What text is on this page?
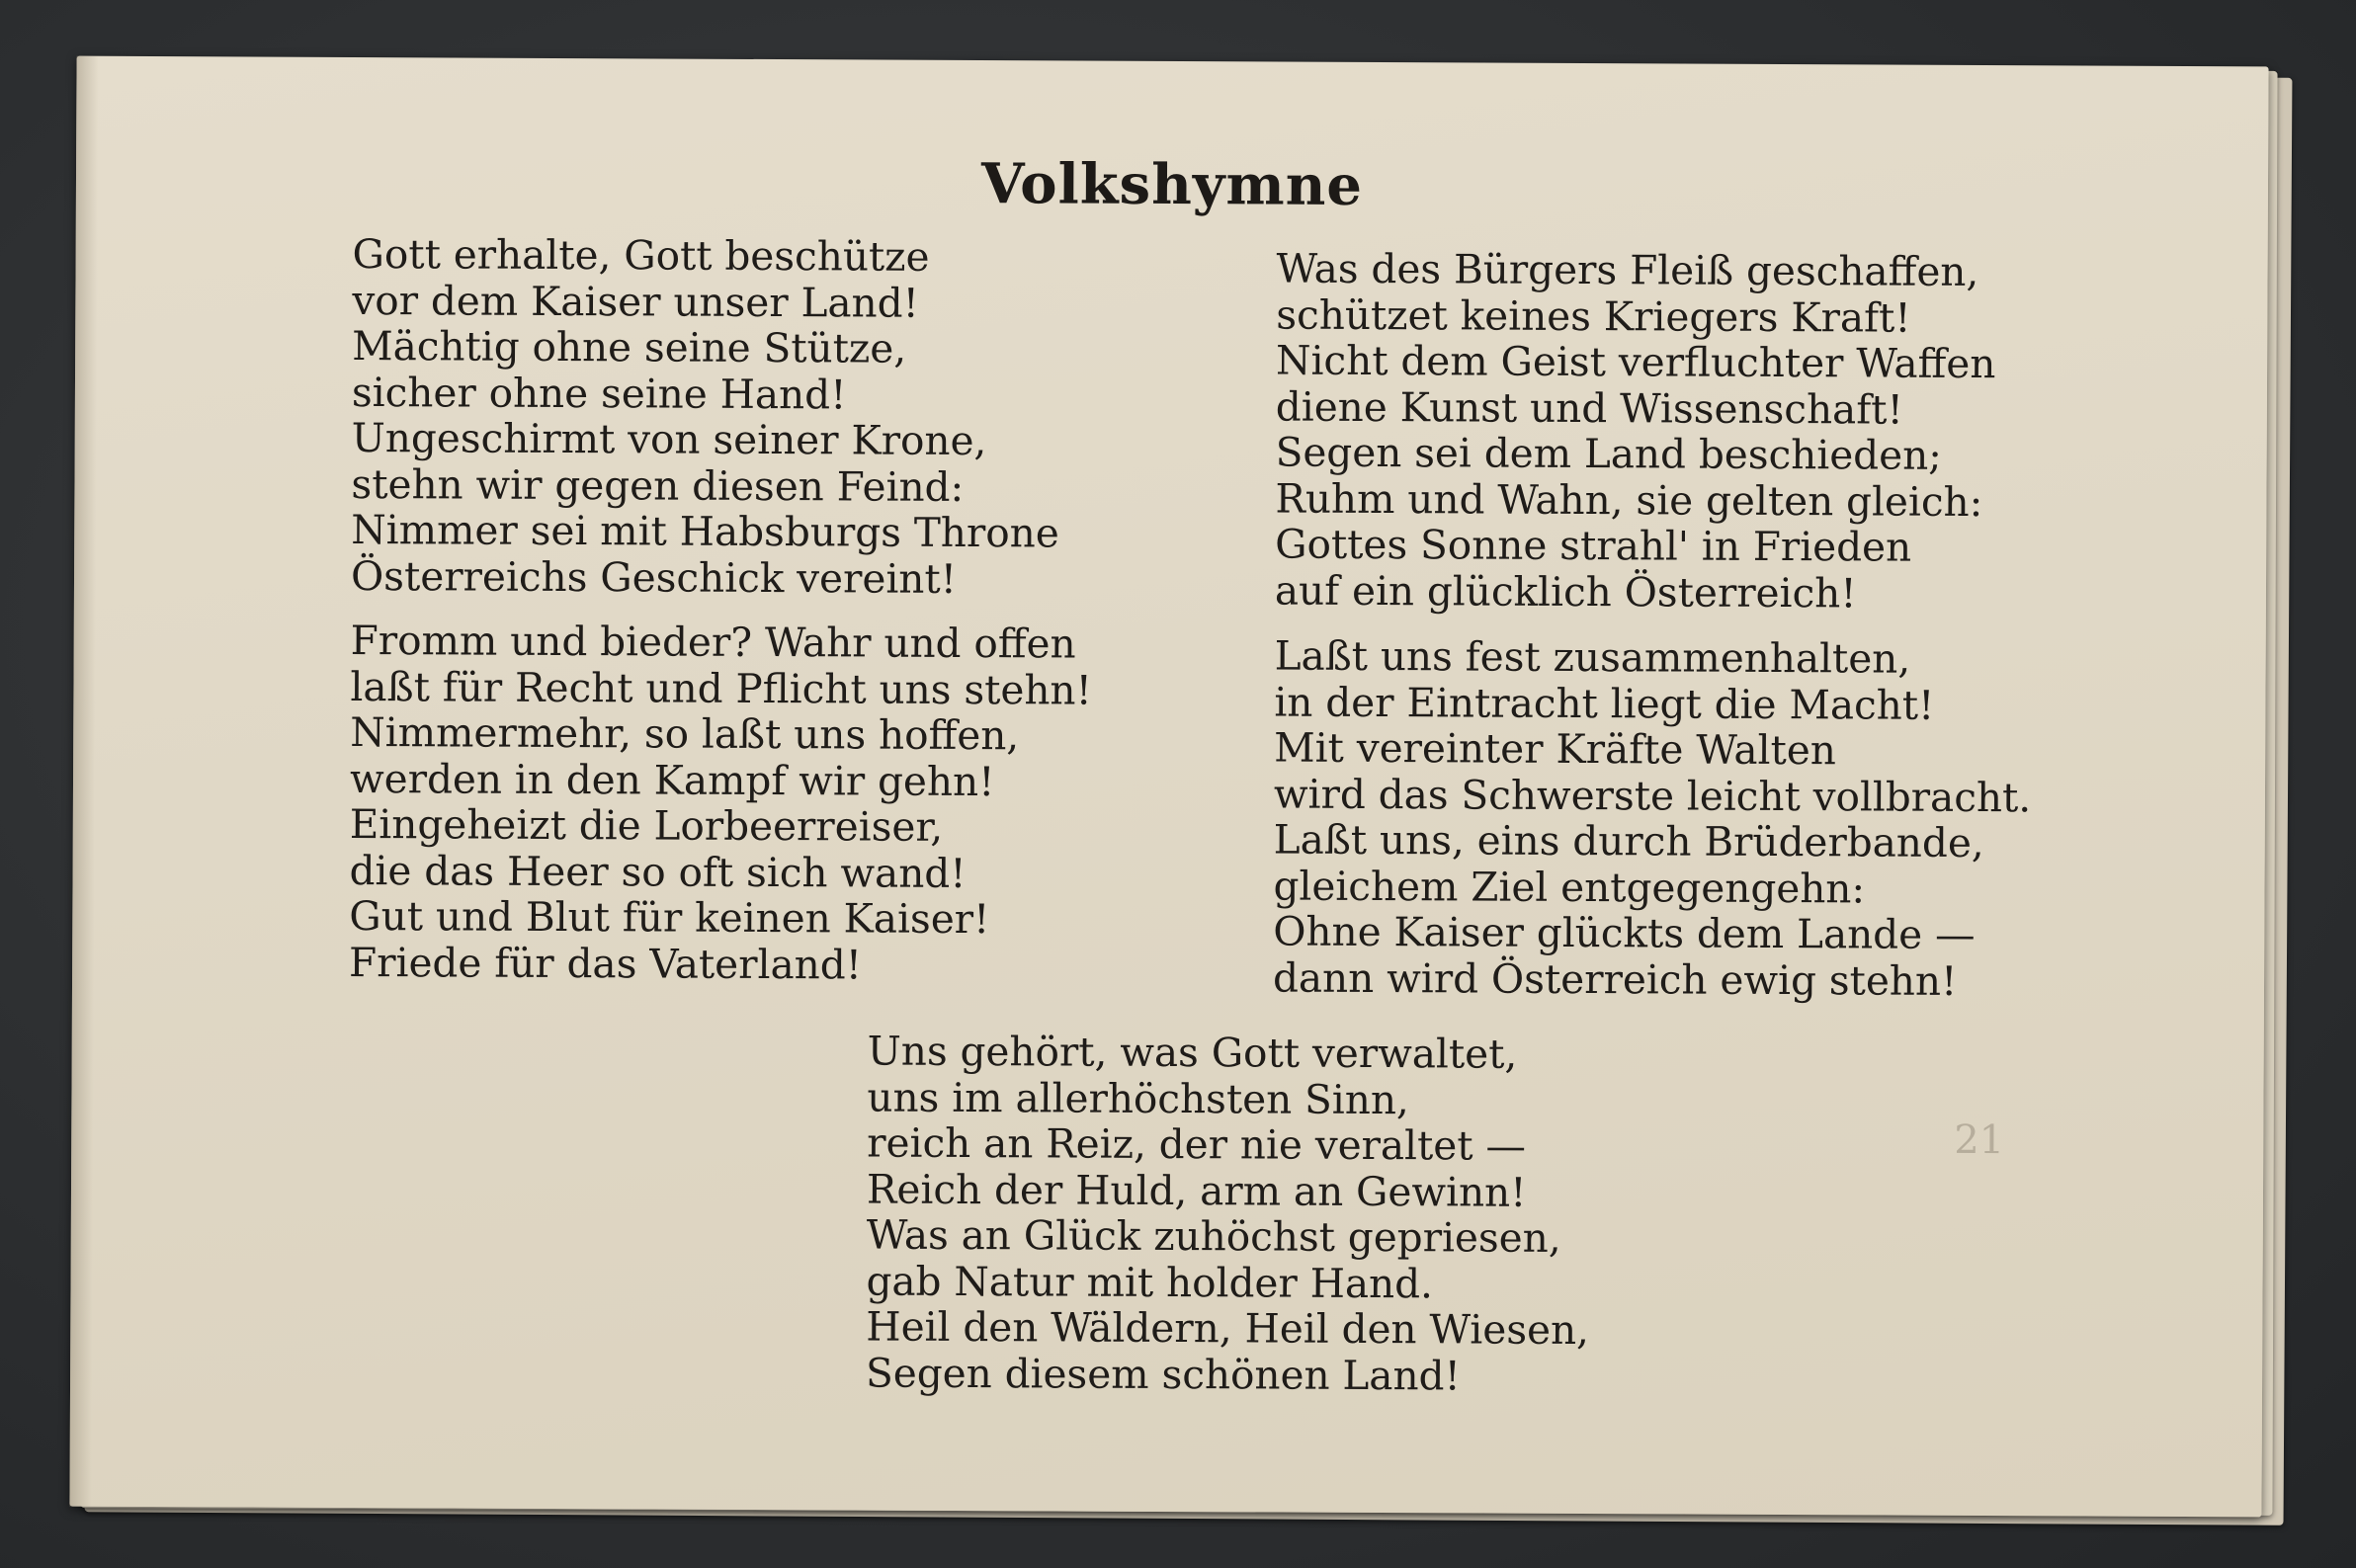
Volkshymne
Gott erhalte, Gott beschütze
vor dem Kaiser unser Land!
Mächtig ohne seine Stütze,
sicher ohne seine Hand!
Ungeschirmt von seiner Krone,
stehn wir gegen diesen Feind:
Nimmer sei mit Habsburgs Throne
Österreichs Geschick vereint!
Fromm und bieder? Wahr und offen
laßt für Recht und Pflicht uns stehn!
Nimmermehr, so laßt uns hoffen,
werden in den Kampf wir gehn!
Eingeheizt die Lorbeerreiser,
die das Heer so oft sich wand!
Gut und Blut für keinen Kaiser!
Friede für das Vaterland!
Was des Bürgers Fleiß geschaffen,
schützet keines Kriegers Kraft!
Nicht dem Geist verfluchter Waffen
diene Kunst und Wissenschaft!
Segen sei dem Land beschieden;
Ruhm und Wahn, sie gelten gleich:
Gottes Sonne strahl' in Frieden
auf ein glücklich Österreich!
Laßt uns fest zusammenhalten,
in der Eintracht liegt die Macht!
Mit vereinter Kräfte Walten
wird das Schwerste leicht vollbracht.
Laßt uns, eins durch Brüderbande,
gleichem Ziel entgegengehn:
Ohne Kaiser glückts dem Lande —
dann wird Österreich ewig stehn!
Uns gehört, was Gott verwaltet,
uns im allerhöchsten Sinn,
reich an Reiz, der nie veraltet —
Reich der Huld, arm an Gewinn!
Was an Glück zuhöchst gepriesen,
gab Natur mit holder Hand.
Heil den Wäldern, Heil den Wiesen,
Segen diesem schönen Land!
21
